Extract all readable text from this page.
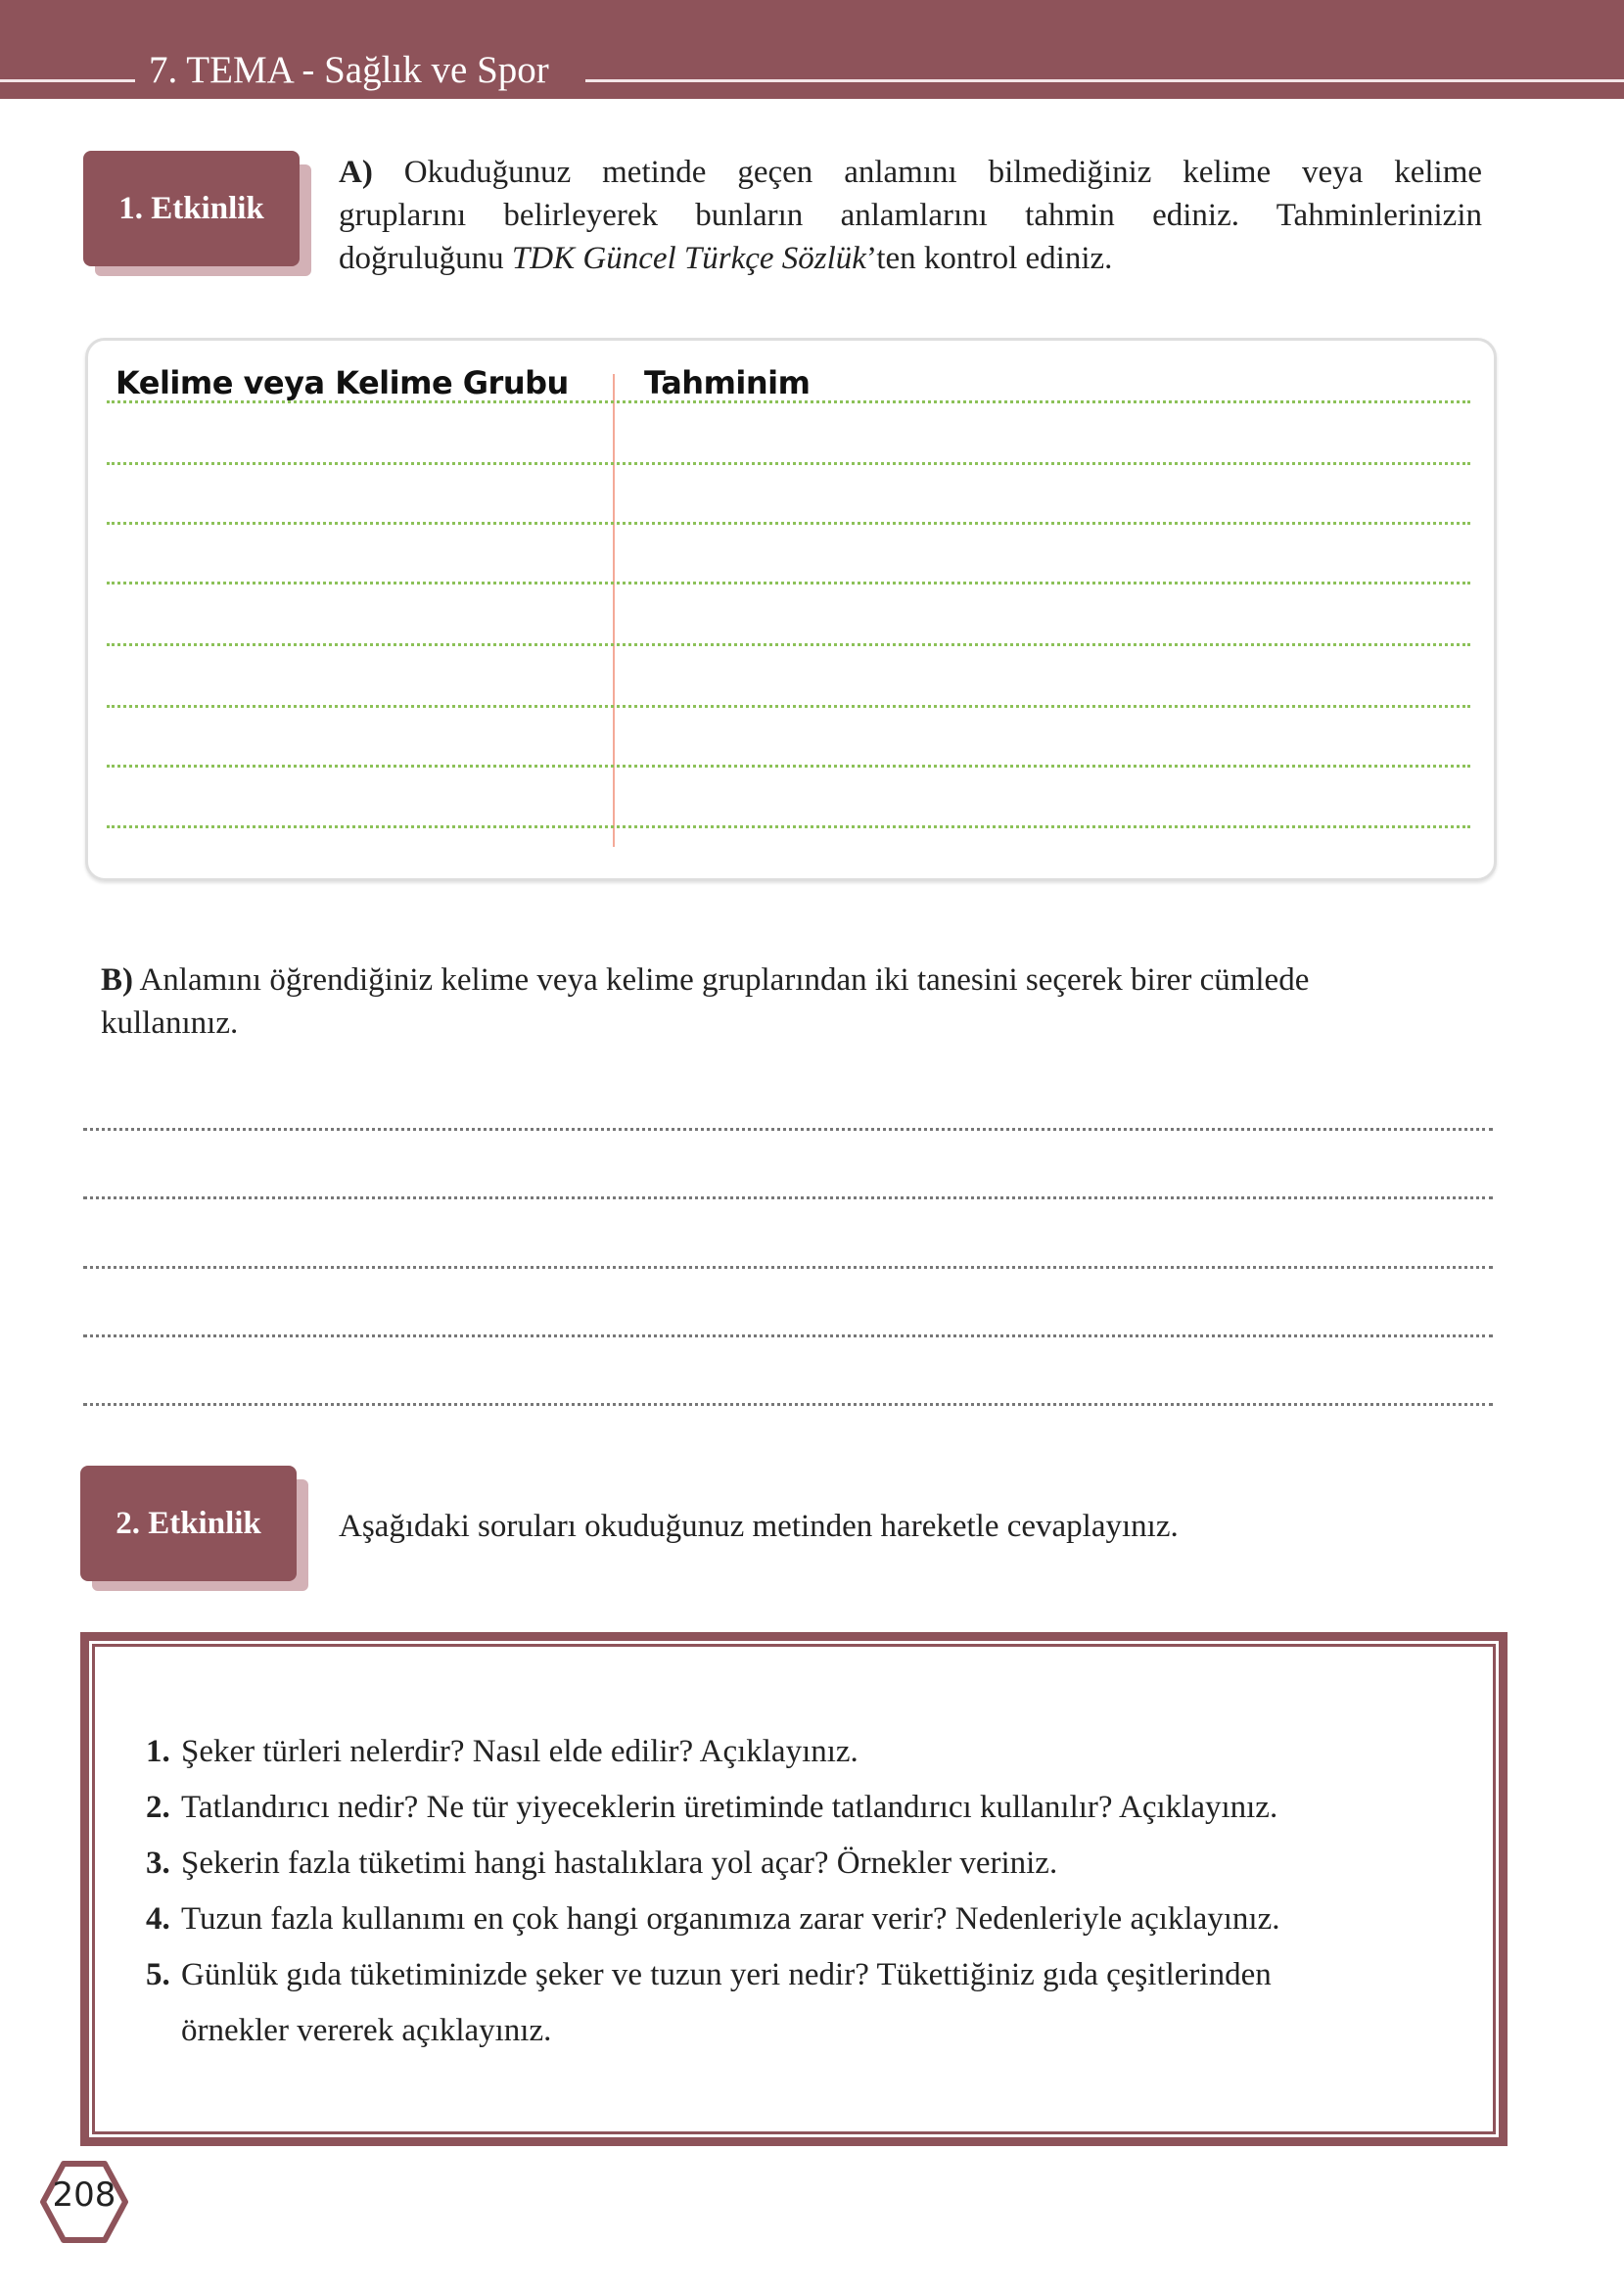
7. TEMA - Sağlık ve Spor
1. Etkinlik
A) Okuduğunuz metinde geçen anlamını bilmediğiniz kelime veya kelime
gruplarını belirleyerek bunların anlamlarını tahmin ediniz. Tahminlerinizin
doğruluğunu TDK Güncel Türkçe Sözlük’ten kontrol ediniz.
Kelime veya Kelime Grubu Tahminim
B) Anlamını öğrendiğiniz kelime veya kelime gruplarından iki tanesini seçerek birer cümlede
kullanınız.
2. Etkinlik	Aşağıdaki soruları okuduğunuz metinden hareketle cevaplayınız.
1. Şeker türleri nelerdir? Nasıl elde edilir? Açıklayınız.
2. Tatlandırıcı nedir? Ne tür yiyeceklerin üretiminde tatlandırıcı kullanılır? Açıklayınız.
3. Şekerin fazla tüketimi hangi hastalıklara yol açar? Örnekler veriniz.
4. Tuzun fazla kullanımı en çok hangi organımıza zarar verir? Nedenleriyle açıklayınız.
5. Günlük gıda tüketiminizde şeker ve tuzun yeri nedir? Tükettiğiniz gıda çeşitlerinden
örnekler vererek açıklayınız.
208
